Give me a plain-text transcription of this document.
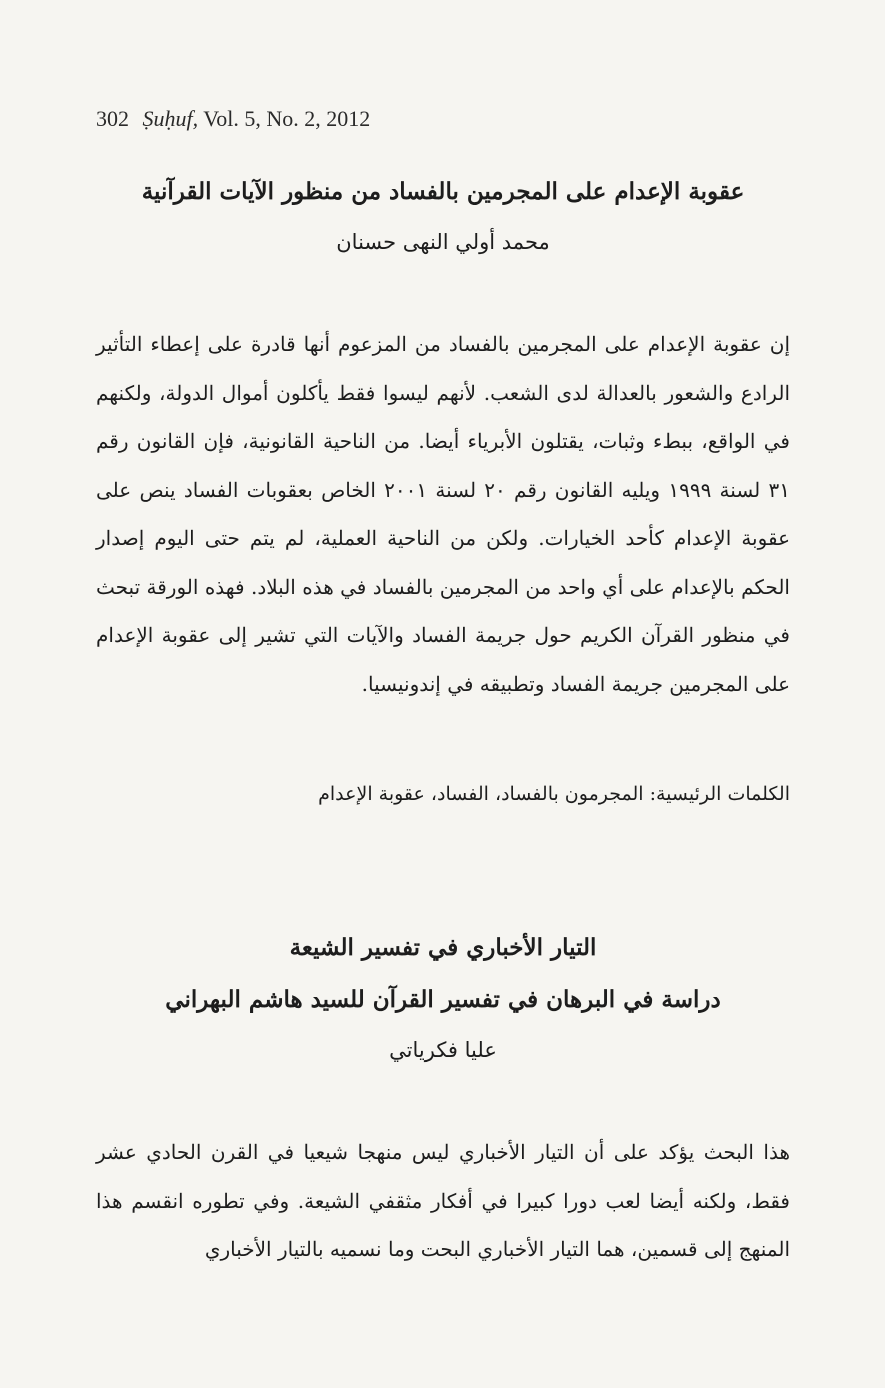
302 Ṣuḥuf, Vol. 5, No. 2, 2012
عقوبة الإعدام على المجرمين بالفساد من منظور الآيات القرآنية
محمد أولي النهى حسنان
إن عقوبة الإعدام على المجرمين بالفساد من المزعوم أنها قادرة على إعطاء التأثير الرادع والشعور بالعدالة لدى الشعب. لأنهم ليسوا فقط يأكلون أموال الدولة، ولكنهم في الواقع، ببطء وثبات، يقتلون الأبرياء أيضا. من الناحية القانونية، فإن القانون رقم ٣١ لسنة ١٩٩٩ ويليه القانون رقم ٢٠ لسنة ٢٠٠١ الخاص بعقوبات الفساد ينص على عقوبة الإعدام كأحد الخيارات. ولكن من الناحية العملية، لم يتم حتى اليوم إصدار الحكم بالإعدام على أي واحد من المجرمين بالفساد في هذه البلاد. فهذه الورقة تبحث في منظور القرآن الكريم حول جريمة الفساد والآيات التي تشير إلى عقوبة الإعدام على المجرمين جريمة الفساد وتطبيقه في إندونيسيا.
الكلمات الرئيسية: المجرمون بالفساد، الفساد، عقوبة الإعدام
التيار الأخباري في تفسير الشيعة
دراسة في البرهان في تفسير القرآن للسيد هاشم البهراني
عليا فكرياتي
هذا البحث يؤكد على أن التيار الأخباري ليس منهجا شيعيا في القرن الحادي عشر فقط، ولكنه أيضا لعب دورا كبيرا في أفكار مثقفي الشيعة. وفي تطوره انقسم هذا المنهج إلى قسمين، هما التيار الأخباري البحت وما نسميه بالتيار الأخباري
